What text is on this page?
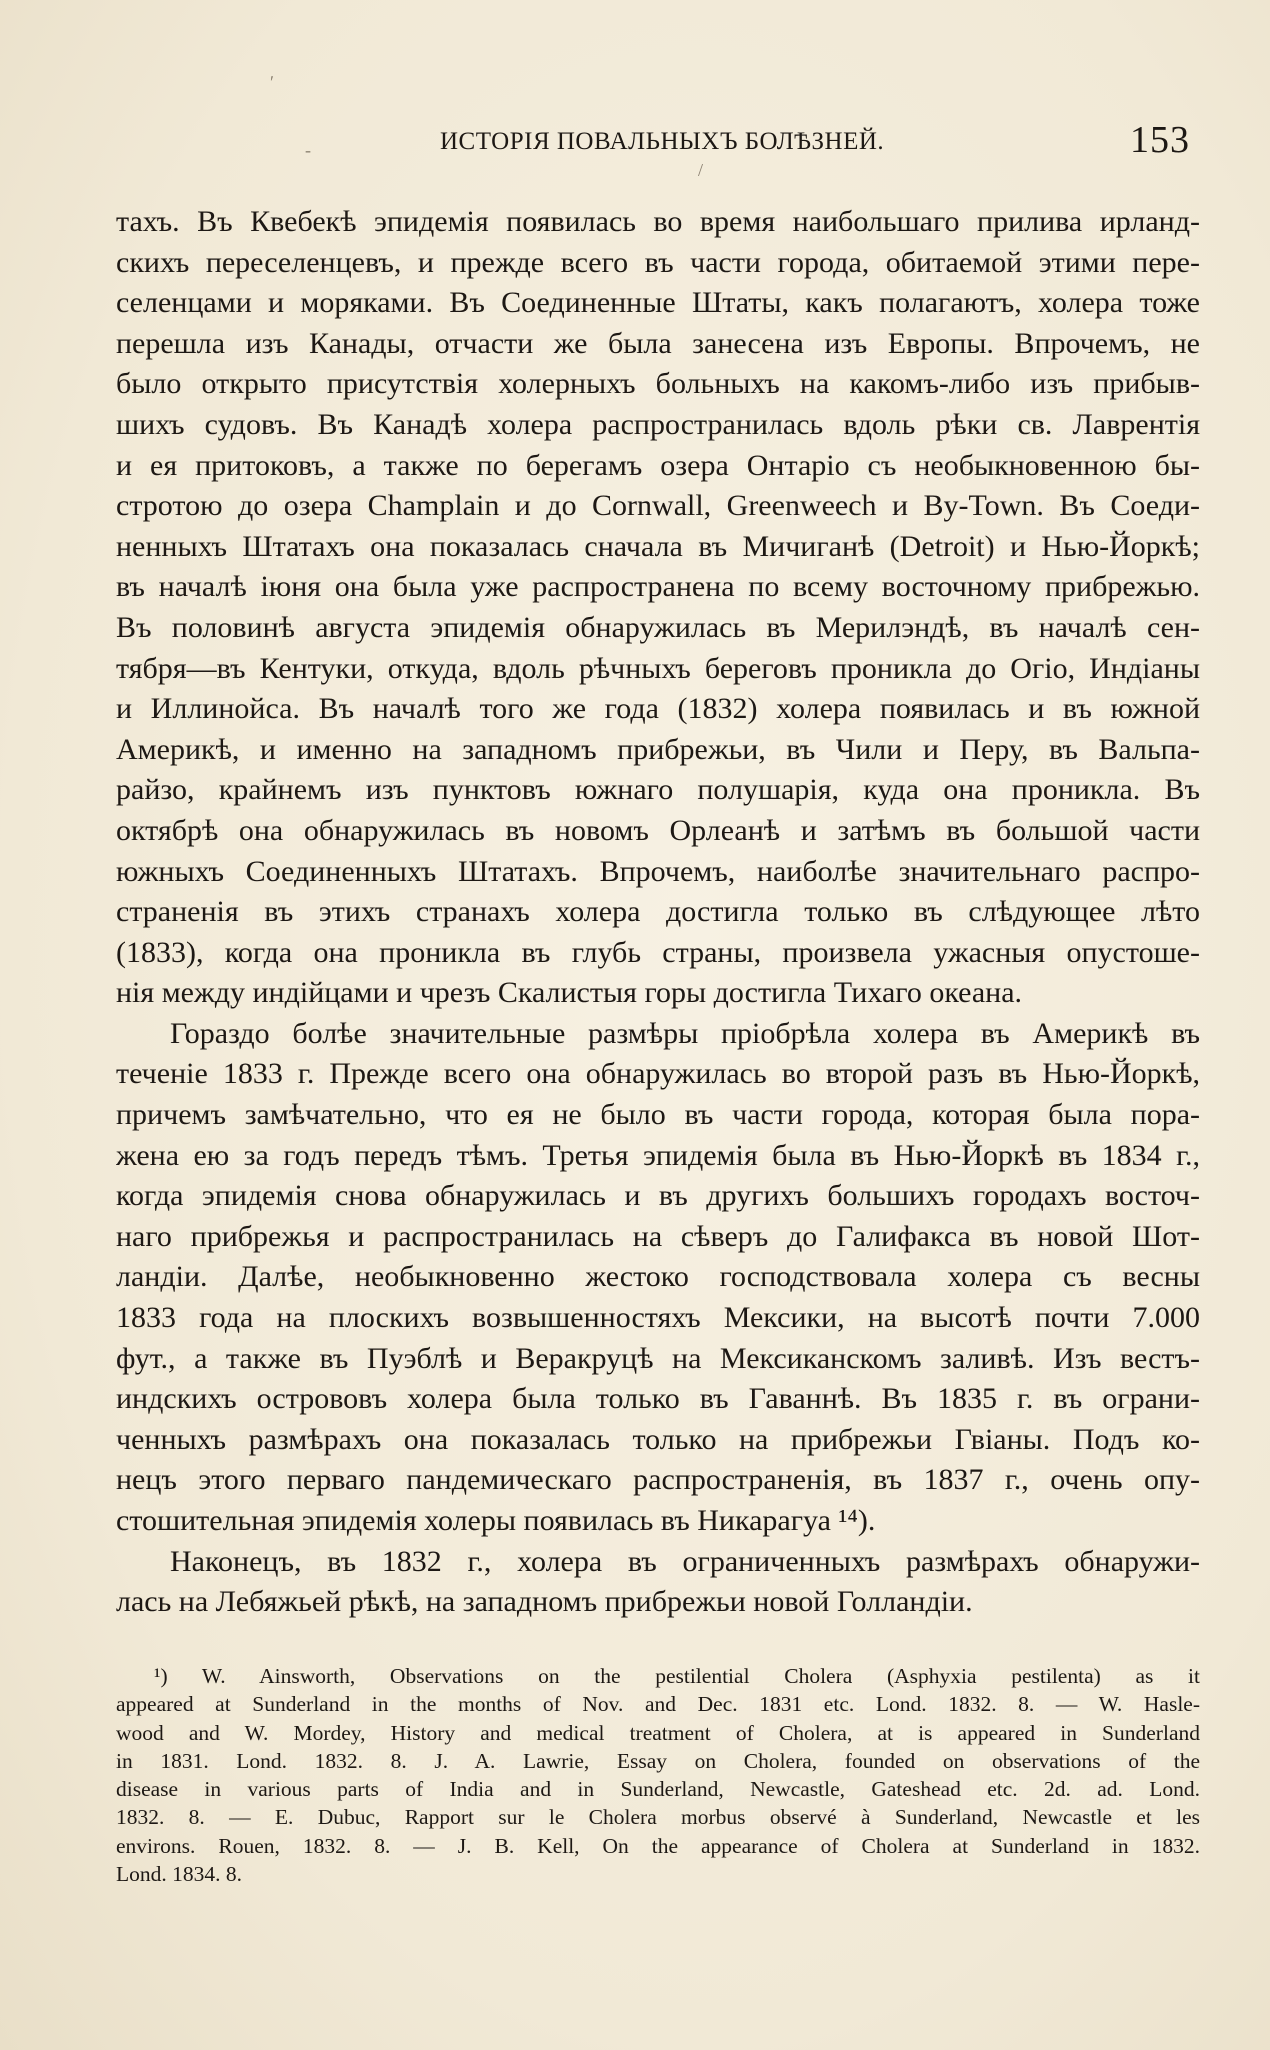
ʹ
-
/
ИСТОРІЯ ПОВАЛЬНЫХЪ БОЛѢЗНЕЙ.	153
тахъ. Въ Квебекѣ эпидемія появилась во время наибольшаго прилива ирланд-
скихъ переселенцевъ, и прежде всего въ части города, обитаемой этими пере-
селенцами и моряками. Въ Соединенные Штаты, какъ полагаютъ, холера тоже
перешла изъ Канады, отчасти же была занесена изъ Европы. Впрочемъ, не
было открыто присутствія холерныхъ больныхъ на какомъ-либо изъ прибыв-
шихъ судовъ. Въ Канадѣ холера распространилась вдоль рѣки св. Лаврентія
и ея притоковъ, а также по берегамъ озера Онтаріо съ необыкновенною бы-
стротою до озера Champlain и до Cornwall, Greenweech и By-Town. Въ Соеди-
ненныхъ Штатахъ она показалась сначала въ Мичиганѣ (Detroit) и Нью-Йоркѣ;
въ началѣ іюня она была уже распространена по всему восточному прибрежью.
Въ половинѣ августа эпидемія обнаружилась въ Мерилэндѣ, въ началѣ сен-
тября—въ Кентуки, откуда, вдоль рѣчныхъ береговъ проникла до Огіо, Индіаны
и Иллинойса. Въ началѣ того же года (1832) холера появилась и въ южной
Америкѣ, и именно на западномъ прибрежьи, въ Чили и Перу, въ Вальпа-
райзо, крайнемъ изъ пунктовъ южнаго полушарія, куда она проникла. Въ
октябрѣ она обнаружилась въ новомъ Орлеанѣ и затѣмъ въ большой части
южныхъ Соединенныхъ Штатахъ. Впрочемъ, наиболѣе значительнаго распро-
страненія въ этихъ странахъ холера достигла только въ слѣдующее лѣто
(1833), когда она проникла въ глубь страны, произвела ужасныя опустоше-
нія между индійцами и чрезъ Скалистыя горы достигла Тихаго океана.
Гораздо болѣе значительные размѣры пріобрѣла холера въ Америкѣ въ
теченіе 1833 г. Прежде всего она обнаружилась во второй разъ въ Нью-Йоркѣ,
причемъ замѣчательно, что ея не было въ части города, которая была пора-
жена ею за годъ передъ тѣмъ. Третья эпидемія была въ Нью-Йоркѣ въ 1834 г.,
когда эпидемія снова обнаружилась и въ другихъ большихъ городахъ восточ-
наго прибрежья и распространилась на сѣверъ до Галифакса въ новой Шот-
ландіи. Далѣе, необыкновенно жестоко господствовала холера съ весны
1833 года на плоскихъ возвышенностяхъ Мексики, на высотѣ почти 7.000
фут., а также въ Пуэблѣ и Веракруцѣ на Мексиканскомъ заливѣ. Изъ вестъ-
индскихъ острововъ холера была только въ Гаваннѣ. Въ 1835 г. въ ограни-
ченныхъ размѣрахъ она показалась только на прибрежьи Гвіаны. Подъ ко-
нецъ этого перваго пандемическаго распространенія, въ 1837 г., очень опу-
стошительная эпидемія холеры появилась въ Никарагуа ¹⁴).
Наконецъ, въ 1832 г., холера въ ограниченныхъ размѣрахъ обнаружи-
лась на Лебяжьей рѣкѣ, на западномъ прибрежьи новой Голландіи.
¹) W. Ainsworth, Observations on the pestilential Cholera (Asphyxia pestilenta) as it
appeared at Sunderland in the months of Nov. and Dec. 1831 etc. Lond. 1832. 8. — W. Hasle-
wood and W. Mordey, History and medical treatment of Cholera, at is appeared in Sunderland
in 1831. Lond. 1832. 8. J. A. Lawrie, Essay on Cholera, founded on observations of the
disease in various parts of India and in Sunderland, Newcastle, Gateshead etc. 2d. ad. Lond.
1832. 8. — E. Dubuc, Rapport sur le Cholera morbus observé à Sunderland, Newcastle et les
environs. Rouen, 1832. 8. — J. B. Kell, On the appearance of Cholera at Sunderland in 1832.
Lond. 1834. 8.
